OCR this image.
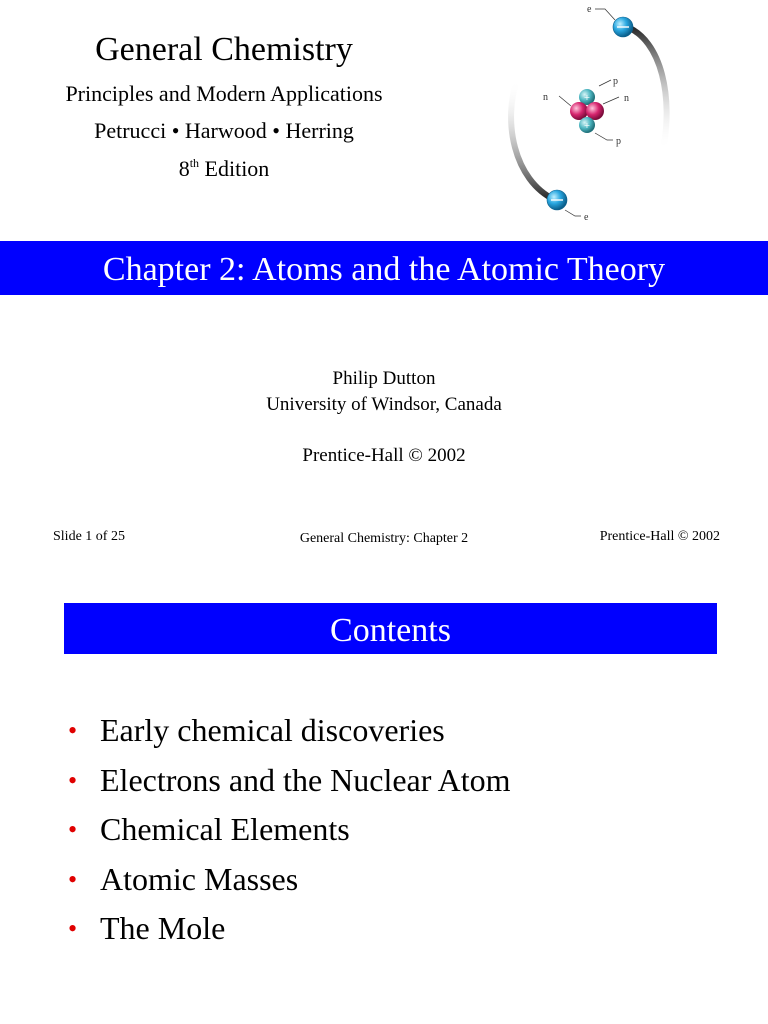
General Chemistry
Principles and Modern Applications
Petrucci • Harwood • Herring
8th Edition
+
+
e
p
n
n
p
e
Chapter 2: Atoms and the Atomic Theory
Philip Dutton
University of Windsor, Canada
Prentice-Hall © 2002
Slide 1 of 25	General Chemistry: Chapter 2	Prentice-Hall © 2002
Contents
• Early chemical discoveries
• Electrons and the Nuclear Atom
• Chemical Elements
• Atomic Masses
• The Mole
